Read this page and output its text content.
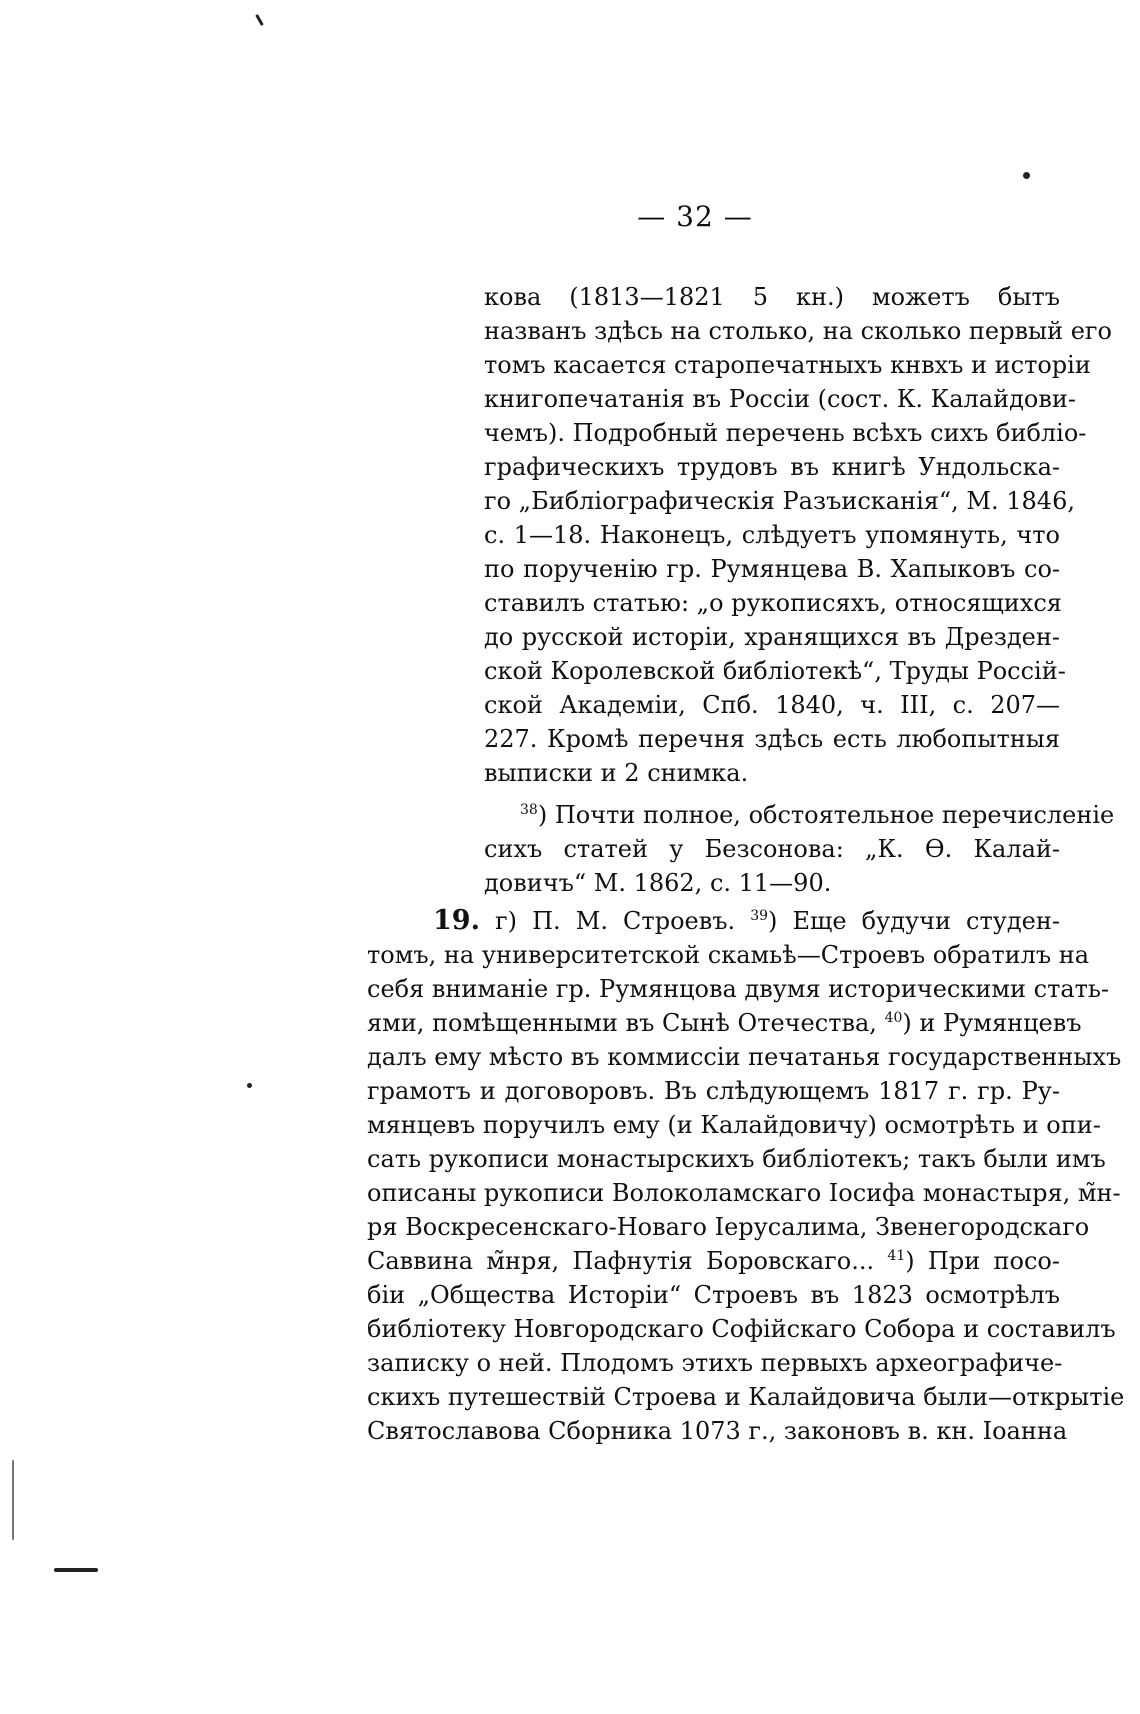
— 32 —
кова (1813—1821 5 кн.) можетъ бытъ
названъ здѣсь на столько, на сколько первый его
томъ касается старопечатныхъ кнвхъ и исторіи
книгопечатанія въ Россіи (сост. К. Калайдови-
чемъ). Подробный перечень всѣхъ сихъ библіо-
графическихъ трудовъ въ книгѣ Ундольска-
го „Библіографическія Разъисканія“, М. 1846,
с. 1—18. Наконецъ, слѣдуетъ упомянуть, что
по порученію гр. Румянцева В. Хапыковъ со-
ставилъ статью: „о рукописяхъ, относящихся
до русской исторіи, хранящихся въ Дрезден-
ской Королевской библіотекѣ“, Труды Россій-
ской Академіи, Спб. 1840, ч. III, с. 207—
227. Кромѣ перечня здѣсь есть любопытныя
выписки и 2 снимка.
$^{38}$) Почти полное, обстоятельное перечисленіе
сихъ статей у Безсонова: „К. Ѳ. Калай-
довичъ“ М. 1862, с. 11—90.
19. г) П. М. Строевъ. $^{39}$) Еще будучи студен-
томъ, на университетской скамьѣ—Строевъ обратилъ на
себя вниманіе гр. Румянцова двумя историческими стать-
ями, помѣщенными въ Сынѣ Отечества, $^{40}$) и Румянцевъ
далъ ему мѣсто въ коммиссіи печатанья государственныхъ
грамотъ и договоровъ. Въ слѣдующемъ 1817 г. гр. Ру-
мянцевъ поручилъ ему (и Калайдовичу) осмотрѣть и опи-
сать рукописи монастырскихъ библіотекъ; такъ были имъ
описаны рукописи Волоколамскаго Іосифа монастыря, м̃н-
ря Воскресенскаго-Новаго Іерусалима, Звенегородскаго
Саввина м̃нря, Пафнутія Боровскаго... $^{41}$) При посо-
біи „Общества Исторіи“ Строевъ въ 1823 осмотрѣлъ
библіотеку Новгородскаго Софійскаго Собора и составилъ
записку о ней. Плодомъ этихъ первыхъ археографиче-
скихъ путешествій Строева и Калайдовича были—открытіе
Святославова Сборника 1073 г., законовъ в. кн. Іоанна
